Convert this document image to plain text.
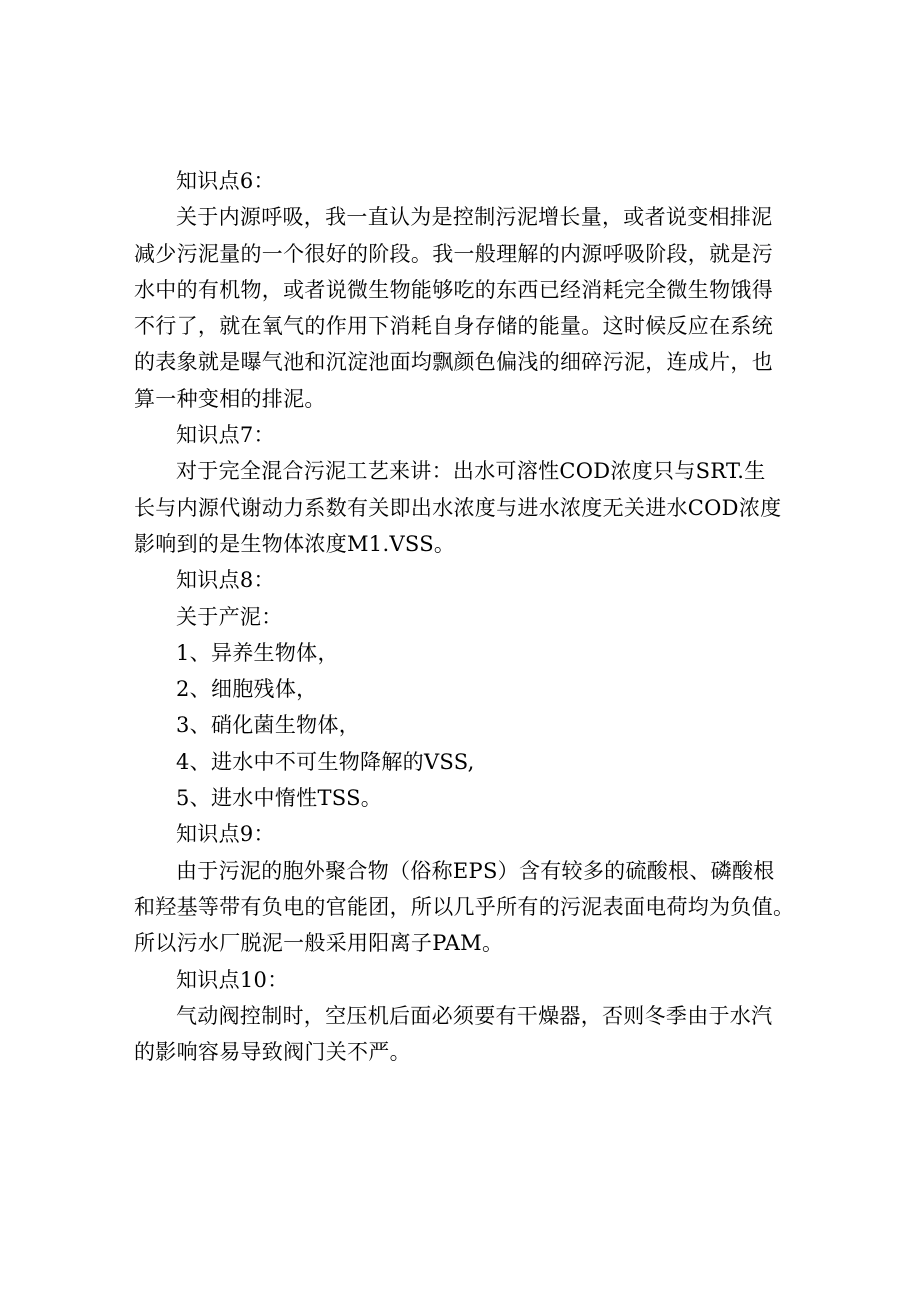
知识点6：

关于内源呼吸，我一直认为是控制污泥增长量，或者说变相排泥

减少污泥量的一个很好的阶段。我一般理解的内源呼吸阶段，就是污

水中的有机物，或者说微生物能够吃的东西已经消耗完全微生物饿得

不行了，就在氧气的作用下消耗自身存储的能量。这时候反应在系统

的表象就是曝气池和沉淀池面均飘颜色偏浅的细碎污泥，连成片，也

算一种变相的排泥。

知识点7：

对于完全混合污泥工艺来讲：出水可溶性COD浓度只与SRT.生

长与内源代谢动力系数有关即出水浓度与进水浓度无关进水COD浓度

影响到的是生物体浓度M1.VSS。

知识点8：

关于产泥：

1、异养生物体，

2、细胞残体，

3、硝化菌生物体，

4、进水中不可生物降解的VSS,

5、进水中惰性TSS。

知识点9：

由于污泥的胞外聚合物（俗称EPS）含有较多的硫酸根、磷酸根

和羟基等带有负电的官能团，所以几乎所有的污泥表面电荷均为负值。

所以污水厂脱泥一般采用阳离子PAM。

知识点10：

气动阀控制时，空压机后面必须要有干燥器，否则冬季由于水汽

的影响容易导致阀门关不严。
